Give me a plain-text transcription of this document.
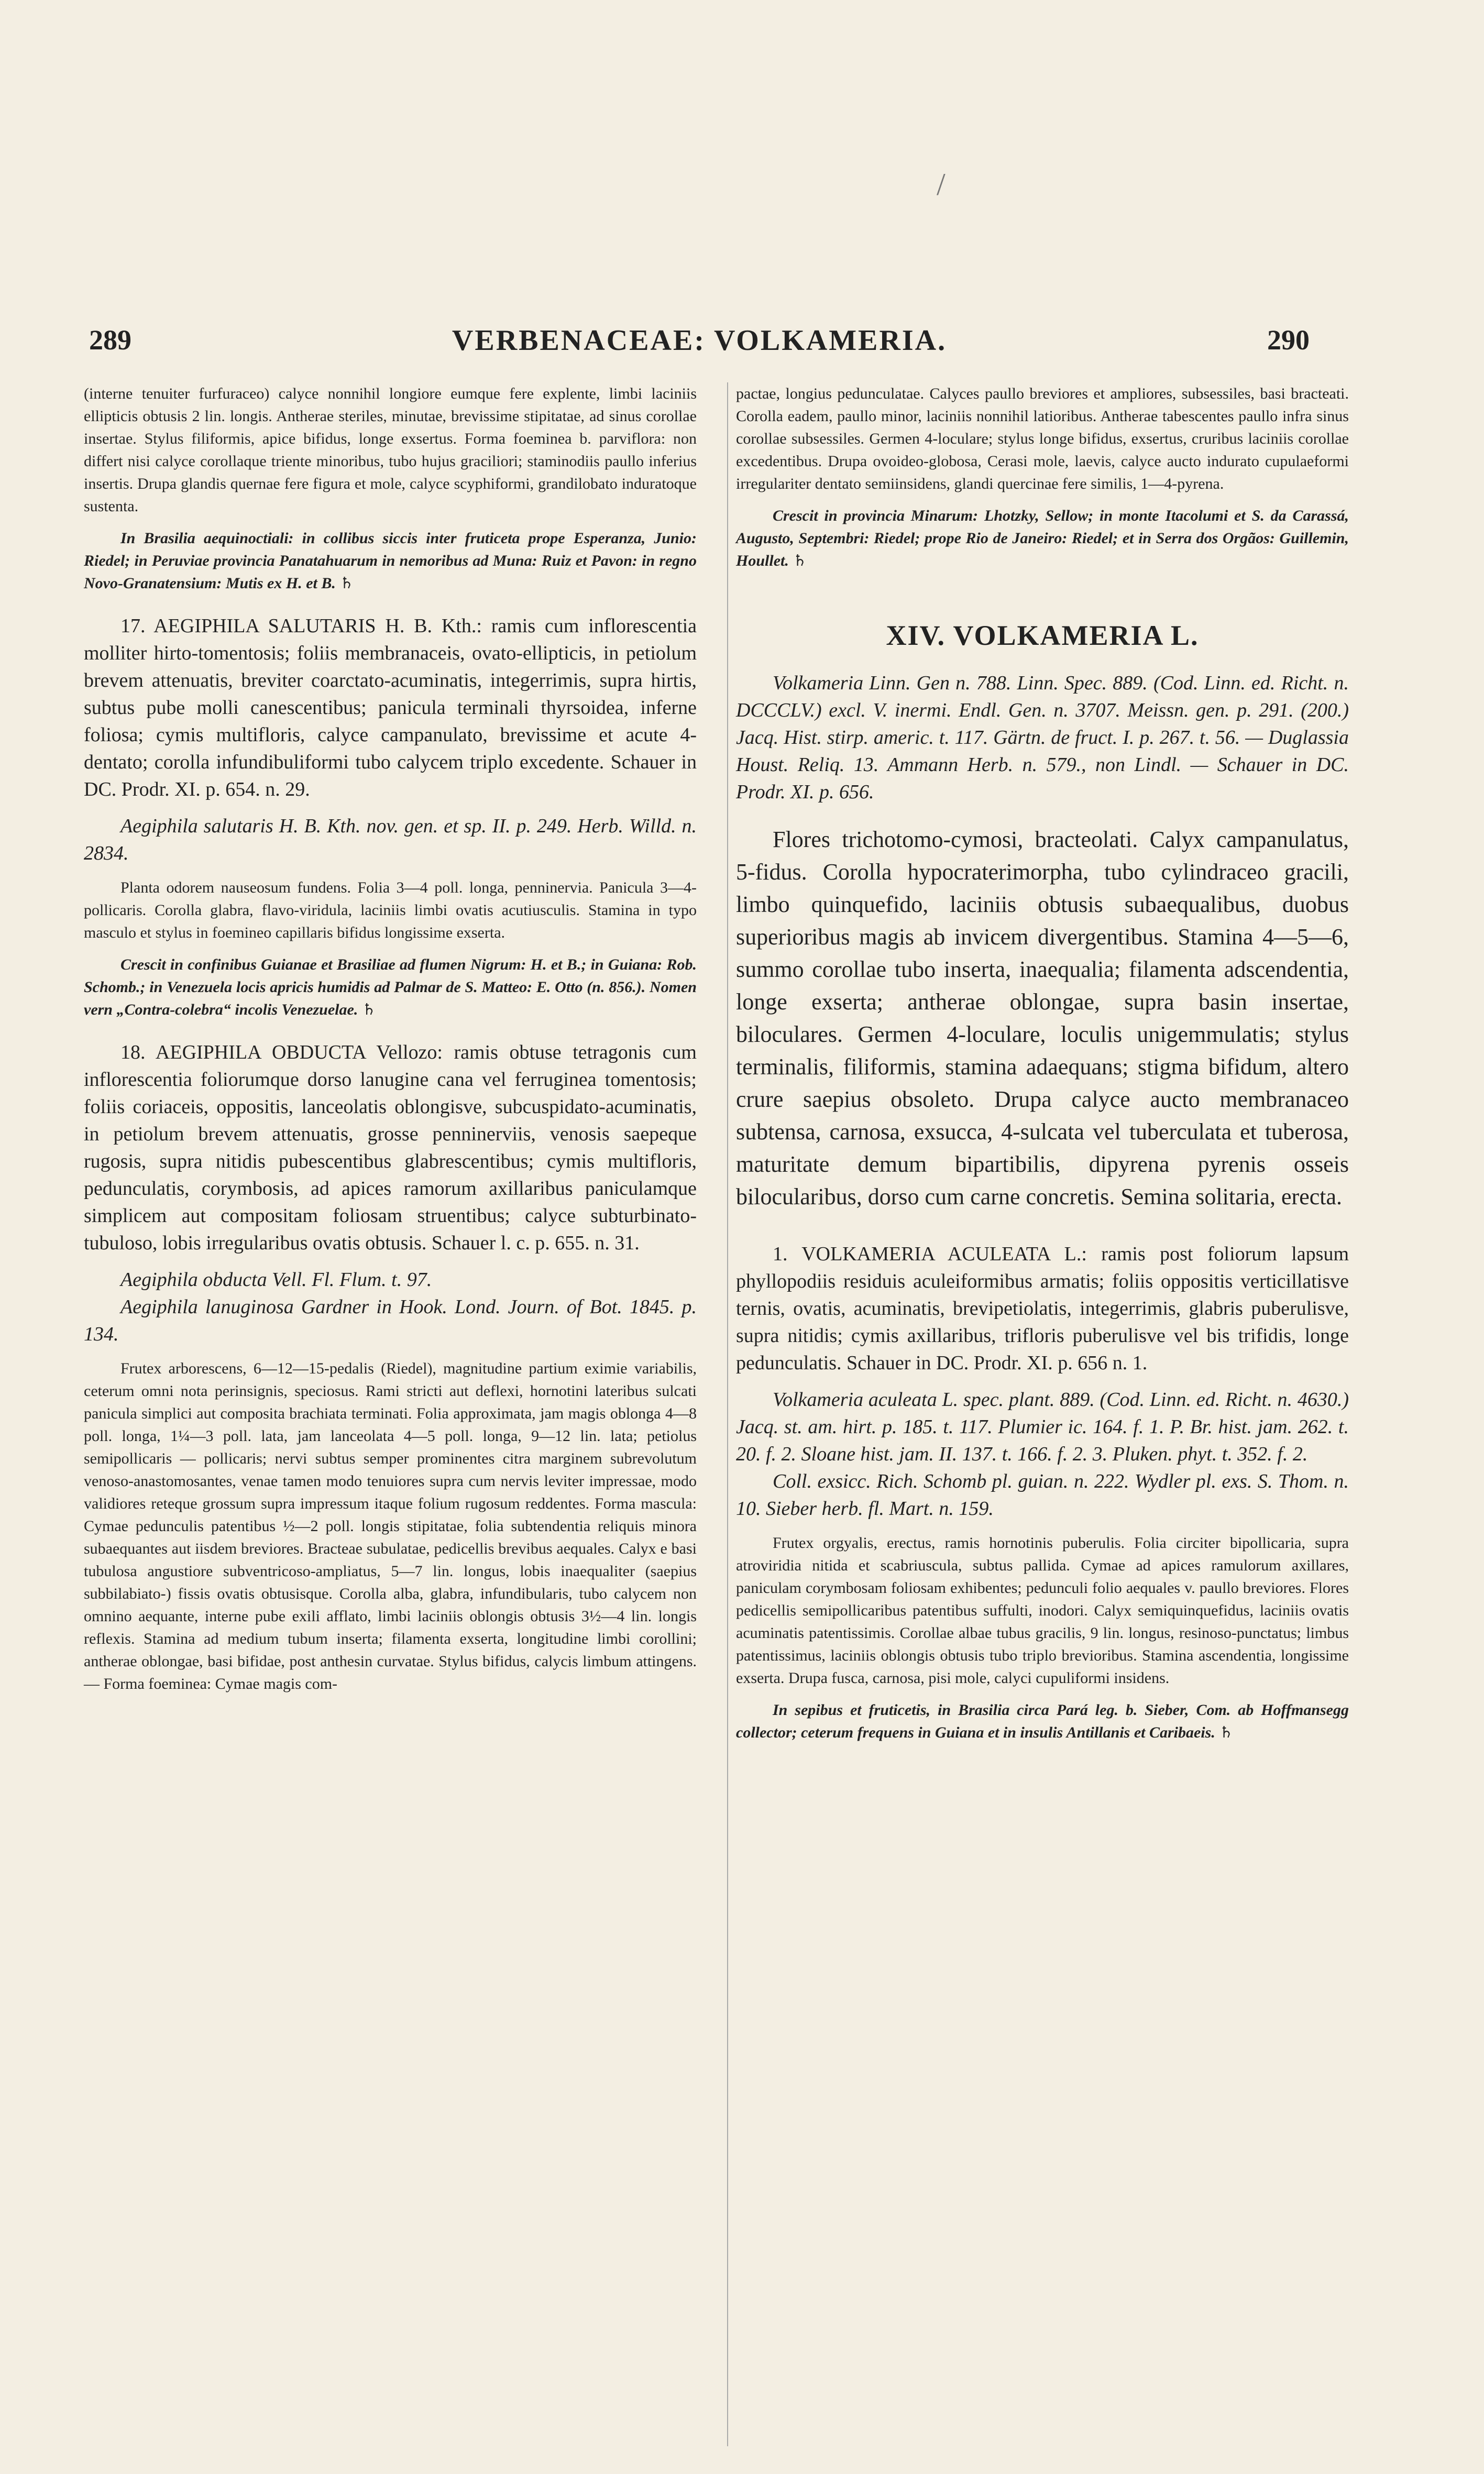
/
289	VERBENACEAE: VOLKAMERIA.	290

(interne tenuiter furfuraceo) calyce nonnihil longiore eumque fere explente, limbi laciniis ellipticis obtusis 2 lin. longis. Antherae steriles, minutae, brevissime stipitatae, ad sinus corollae insertae. Stylus filiformis, apice bifidus, longe exsertus. Forma foeminea b. parviflora: non differt nisi calyce corollaque triente minoribus, tubo hujus graciliori; staminodiis paullo inferius insertis. Drupa glandis quernae fere figura et mole, calyce scyphiformi, grandilobato induratoque sustenta.

In Brasilia aequinoctiali: in collibus siccis inter fruticeta prope Esperanza, Junio: Riedel; in Peruviae provincia Panatahuarum in nemoribus ad Muna: Ruiz et Pavon: in regno Novo-Granatensium: Mutis ex H. et B. ♄

17. AEGIPHILA SALUTARIS H. B. Kth.: ramis cum inflorescentia molliter hirto-tomentosis; foliis membranaceis, ovato-ellipticis, in petiolum brevem attenuatis, breviter coarctato-acuminatis, integerrimis, supra hirtis, subtus pube molli canescentibus; panicula terminali thyrsoidea, inferne foliosa; cymis multifloris, calyce campanulato, brevissime et acute 4-dentato; corolla infundibuliformi tubo calycem triplo excedente. Schauer in DC. Prodr. XI. p. 654. n. 29.

Aegiphila salutaris H. B. Kth. nov. gen. et sp. II. p. 249. Herb. Willd. n. 2834.

Planta odorem nauseosum fundens. Folia 3—4 poll. longa, penninervia. Panicula 3—4-pollicaris. Corolla glabra, flavo-viridula, laciniis limbi ovatis acutiusculis. Stamina in typo masculo et stylus in foemineo capillaris bifidus longissime exserta.

Crescit in confinibus Guianae et Brasiliae ad flumen Nigrum: H. et B.; in Guiana: Rob. Schomb.; in Venezuela locis apricis humidis ad Palmar de S. Matteo: E. Otto (n. 856.). Nomen vern „Contra-colebra“ incolis Venezuelae. ♄

18. AEGIPHILA OBDUCTA Vellozo: ramis obtuse tetragonis cum inflorescentia foliorumque dorso lanugine cana vel ferruginea tomentosis; foliis coriaceis, oppositis, lanceolatis oblongisve, subcuspidato-acuminatis, in petiolum brevem attenuatis, grosse penninerviis, venosis saepeque rugosis, supra nitidis pubescentibus glabrescentibus; cymis multifloris, pedunculatis, corymbosis, ad apices ramorum axillaribus paniculamque simplicem aut compositam foliosam struentibus; calyce subturbinato-tubuloso, lobis irregularibus ovatis obtusis. Schauer l. c. p. 655. n. 31.

Aegiphila obducta Vell. Fl. Flum. t. 97.

Aegiphila lanuginosa Gardner in Hook. Lond. Journ. of Bot. 1845. p. 134.

Frutex arborescens, 6—12—15-pedalis (Riedel), magnitudine partium eximie variabilis, ceterum omni nota perinsignis, speciosus. Rami stricti aut deflexi, hornotini lateribus sulcati panicula simplici aut composita brachiata terminati. Folia approximata, jam magis oblonga 4—8 poll. longa, 1¼—3 poll. lata, jam lanceolata 4—5 poll. longa, 9—12 lin. lata; petiolus semipollicaris — pollicaris; nervi subtus semper prominentes citra marginem subrevolutum venoso-anastomosantes, venae tamen modo tenuiores supra cum nervis leviter impressae, modo validiores reteque grossum supra impressum itaque folium rugosum reddentes. Forma mascula: Cymae pedunculis patentibus ½—2 poll. longis stipitatae, folia subtendentia reliquis minora subaequantes aut iisdem breviores. Bracteae subulatae, pedicellis brevibus aequales. Calyx e basi tubulosa angustiore subventricoso-ampliatus, 5—7 lin. longus, lobis inaequaliter (saepius subbilabiato-) fissis ovatis obtusisque. Corolla alba, glabra, infundibularis, tubo calycem non omnino aequante, interne pube exili afflato, limbi laciniis oblongis obtusis 3½—4 lin. longis reflexis. Stamina ad medium tubum inserta; filamenta exserta, longitudine limbi corollini; antherae oblongae, basi bifidae, post anthesin curvatae. Stylus bifidus, calycis limbum attingens. — Forma foeminea: Cymae magis com-

pactae, longius pedunculatae. Calyces paullo breviores et ampliores, subsessiles, basi bracteati. Corolla eadem, paullo minor, laciniis nonnihil latioribus. Antherae tabescentes paullo infra sinus corollae subsessiles. Germen 4-loculare; stylus longe bifidus, exsertus, cruribus laciniis corollae excedentibus. Drupa ovoideo-globosa, Cerasi mole, laevis, calyce aucto indurato cupulaeformi irregulariter dentato semiinsidens, glandi quercinae fere similis, 1—4-pyrena.

Crescit in provincia Minarum: Lhotzky, Sellow; in monte Itacolumi et S. da Carassá, Augusto, Septembri: Riedel; prope Rio de Janeiro: Riedel; et in Serra dos Orgãos: Guillemin, Houllet. ♄

XIV. VOLKAMERIA L.

Volkameria Linn. Gen n. 788. Linn. Spec. 889. (Cod. Linn. ed. Richt. n. DCCCLV.) excl. V. inermi. Endl. Gen. n. 3707. Meissn. gen. p. 291. (200.) Jacq. Hist. stirp. americ. t. 117. Gärtn. de fruct. I. p. 267. t. 56. — Duglassia Houst. Reliq. 13. Ammann Herb. n. 579., non Lindl. — Schauer in DC. Prodr. XI. p. 656.

Flores trichotomo-cymosi, bracteolati. Calyx campanulatus, 5-fidus. Corolla hypocraterimorpha, tubo cylindraceo gracili, limbo quinquefido, laciniis obtusis subaequalibus, duobus superioribus magis ab invicem divergentibus. Stamina 4—5—6, summo corollae tubo inserta, inaequalia; filamenta adscendentia, longe exserta; antherae oblongae, supra basin insertae, biloculares. Germen 4-loculare, loculis unigemmulatis; stylus terminalis, filiformis, stamina adaequans; stigma bifidum, altero crure saepius obsoleto. Drupa calyce aucto membranaceo subtensa, carnosa, exsucca, 4-sulcata vel tuberculata et tuberosa, maturitate demum bipartibilis, dipyrena pyrenis osseis bilocularibus, dorso cum carne concretis. Semina solitaria, erecta.

1. VOLKAMERIA ACULEATA L.: ramis post foliorum lapsum phyllopodiis residuis aculeiformibus armatis; foliis oppositis verticillatisve ternis, ovatis, acuminatis, brevipetiolatis, integerrimis, glabris puberulisve, supra nitidis; cymis axillaribus, trifloris puberulisve vel bis trifidis, longe pedunculatis. Schauer in DC. Prodr. XI. p. 656 n. 1.

Volkameria aculeata L. spec. plant. 889. (Cod. Linn. ed. Richt. n. 4630.) Jacq. st. am. hirt. p. 185. t. 117. Plumier ic. 164. f. 1. P. Br. hist. jam. 262. t. 20. f. 2. Sloane hist. jam. II. 137. t. 166. f. 2. 3. Pluken. phyt. t. 352. f. 2.

Coll. exsicc. Rich. Schomb pl. guian. n. 222. Wydler pl. exs. S. Thom. n. 10. Sieber herb. fl. Mart. n. 159.

Frutex orgyalis, erectus, ramis hornotinis puberulis. Folia circiter bipollicaria, supra atroviridia nitida et scabriuscula, subtus pallida. Cymae ad apices ramulorum axillares, paniculam corymbosam foliosam exhibentes; pedunculi folio aequales v. paullo breviores. Flores pedicellis semipollicaribus patentibus suffulti, inodori. Calyx semiquinquefidus, laciniis ovatis acuminatis patentissimis. Corollae albae tubus gracilis, 9 lin. longus, resinoso-punctatus; limbus patentissimus, laciniis oblongis obtusis tubo triplo brevioribus. Stamina ascendentia, longissime exserta. Drupa fusca, carnosa, pisi mole, calyci cupuliformi insidens.

In sepibus et fruticetis, in Brasilia circa Pará leg. b. Sieber, Com. ab Hoffmansegg collector; ceterum frequens in Guiana et in insulis Antillanis et Caribaeis. ♄
